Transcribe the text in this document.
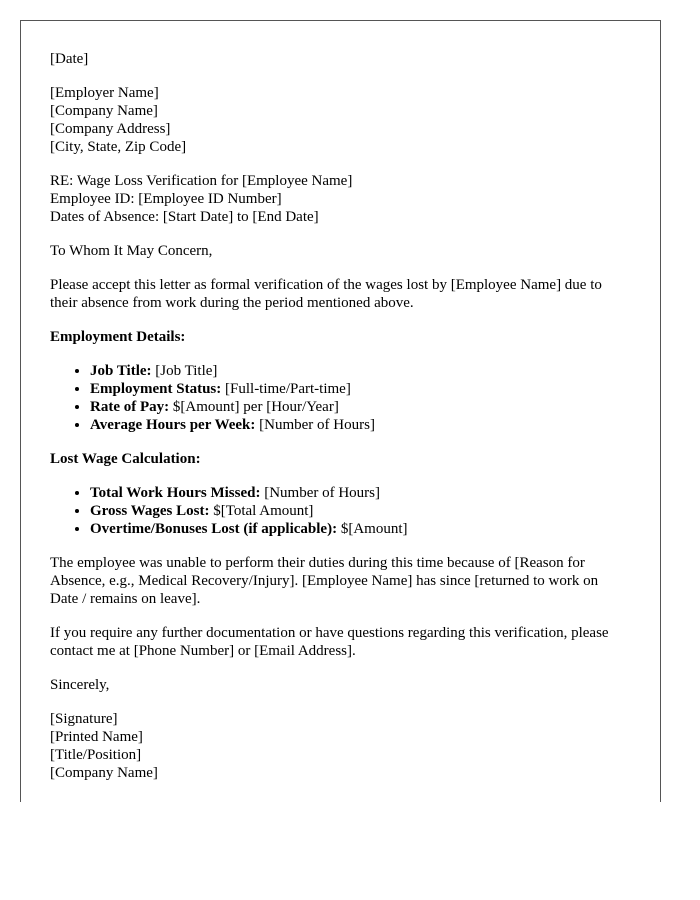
[Date]
[Employer Name]
[Company Name]
[Company Address]
[City, State, Zip Code]
RE: Wage Loss Verification for [Employee Name]
Employee ID: [Employee ID Number]
Dates of Absence: [Start Date] to [End Date]

To Whom It May Concern,

Please accept this letter as formal verification of the wages lost by [Employee Name] due to their absence from work during the period mentioned above.

Employment Details:

• Job Title: [Job Title]
• Employment Status: [Full-time/Part-time]
• Rate of Pay: $[Amount] per [Hour/Year]
• Average Hours per Week: [Number of Hours]

Lost Wage Calculation:

• Total Work Hours Missed: [Number of Hours]
• Gross Wages Lost: $[Total Amount]
• Overtime/Bonuses Lost (if applicable): $[Amount]

The employee was unable to perform their duties during this time because of [Reason for Absence, e.g., Medical Recovery/Injury]. [Employee Name] has since [returned to work on Date / remains on leave].

If you require any further documentation or have questions regarding this verification, please contact me at [Phone Number] or [Email Address].

Sincerely,

[Signature]
[Printed Name]
[Title/Position]
[Company Name]
